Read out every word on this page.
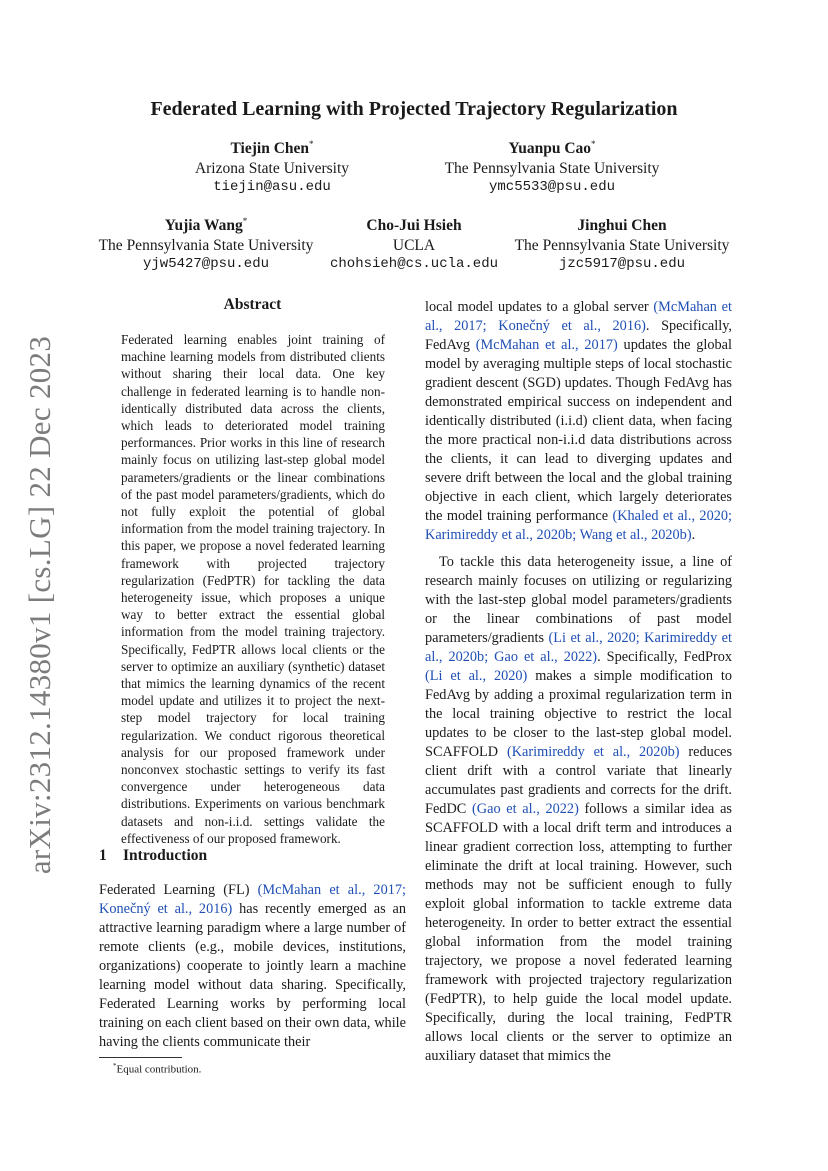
arXiv:2312.14380v1 [cs.LG] 22 Dec 2023
Federated Learning with Projected Trajectory Regularization
Tiejin Chen*
Arizona State University
tiejin@asu.edu
Yuanpu Cao*
The Pennsylvania State University
ymc5533@psu.edu
Yujia Wang*
The Pennsylvania State University
yjw5427@psu.edu
Cho-Jui Hsieh
UCLA
chohsieh@cs.ucla.edu
Jinghui Chen
The Pennsylvania State University
jzc5917@psu.edu
Abstract
Federated learning enables joint training of machine learning models from distributed clients without sharing their local data. One key challenge in federated learning is to handle non-identically distributed data across the clients, which leads to deteriorated model training performances. Prior works in this line of research mainly focus on utilizing last-step global model parameters/gradients or the linear combinations of the past model parameters/gradients, which do not fully exploit the potential of global information from the model training trajectory. In this paper, we propose a novel federated learning framework with projected trajectory regularization (FedPTR) for tackling the data heterogeneity issue, which proposes a unique way to better extract the essential global information from the model training trajectory. Specifically, FedPTR allows local clients or the server to optimize an auxiliary (synthetic) dataset that mimics the learning dynamics of the recent model update and utilizes it to project the next-step model trajectory for local training regularization. We conduct rigorous theoretical analysis for our proposed framework under nonconvex stochastic settings to verify its fast convergence under heterogeneous data distributions. Experiments on various benchmark datasets and non-i.i.d. settings validate the effectiveness of our proposed framework.
1 Introduction

Federated Learning (FL) (McMahan et al., 2017; Konečný et al., 2016) has recently emerged as an attractive learning paradigm where a large number of remote clients (e.g., mobile devices, institutions, organizations) cooperate to jointly learn a machine learning model without data sharing. Specifically, Federated Learning works by performing local training on each client based on their own data, while having the clients communicate their

local model updates to a global server (McMahan et al., 2017; Konečný et al., 2016). Specifically, FedAvg (McMahan et al., 2017) updates the global model by averaging multiple steps of local stochastic gradient descent (SGD) updates. Though FedAvg has demonstrated empirical success on independent and identically distributed (i.i.d) client data, when facing the more practical non-i.i.d data distributions across the clients, it can lead to diverging updates and severe drift between the local and the global training objective in each client, which largely deteriorates the model training performance (Khaled et al., 2020; Karimireddy et al., 2020b; Wang et al., 2020b).

To tackle this data heterogeneity issue, a line of research mainly focuses on utilizing or regularizing with the last-step global model parameters/gradients or the linear combinations of past model parameters/gradients (Li et al., 2020; Karimireddy et al., 2020b; Gao et al., 2022). Specifically, FedProx (Li et al., 2020) makes a simple modification to FedAvg by adding a proximal regularization term in the local training objective to restrict the local updates to be closer to the last-step global model. SCAFFOLD (Karimireddy et al., 2020b) reduces client drift with a control variate that linearly accumulates past gradients and corrects for the drift. FedDC (Gao et al., 2022) follows a similar idea as SCAFFOLD with a local drift term and introduces a linear gradient correction loss, attempting to further eliminate the drift at local training. However, such methods may not be sufficient enough to fully exploit global information to tackle extreme data heterogeneity. In order to better extract the essential global information from the model training trajectory, we propose a novel federated learning framework with projected trajectory regularization (FedPTR), to help guide the local model update. Specifically, during the local training, FedPTR allows local clients or the server to optimize an auxiliary dataset that mimics the

*Equal contribution.
